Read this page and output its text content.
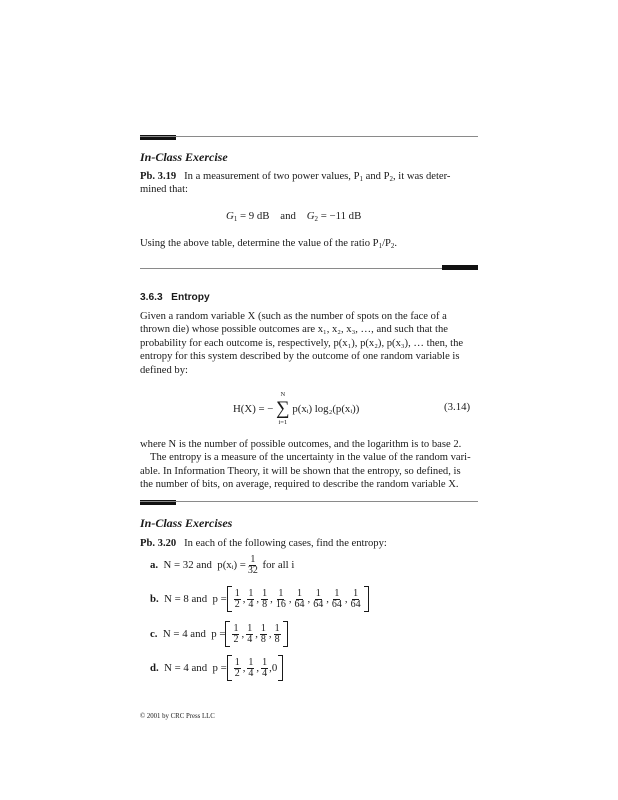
In-Class Exercise
Pb. 3.19 In a measurement of two power values, $P_1$ and $P_2$, it was deter-
mined that:
$G_1 = 9$ dB and $G_2 = -11$ dB
Using the above table, determine the value of the ratio $P_1/P_2$.
3.6.3 Entropy
Given a random variable X (such as the number of spots on the face of a
thrown die) whose possible outcomes are x₁, x₂, x₃, …, and such that the
probability for each outcome is, respectively, p(x₁), p(x₂), p(x₃), … then, the
entropy for this system described by the outcome of one random variable is
defined by:
H(X) = −
N
∑
i=1
p(xᵢ) log₂(p(xᵢ))	(3.14)
where N is the number of possible outcomes, and the logarithm is to base 2.
The entropy is a measure of the uncertainty in the value of the random vari-
able. In Information Theory, it will be shown that the entropy, so defined, is
the number of bits, on average, required to describe the random variable X.
In-Class Exercises
Pb. 3.20 In each of the following cases, find the entropy:
a.
N = 32 and
p(xᵢ) = $\frac{1}{32}$
for all i
b.
N = 8 and
$p = \frac{1}{2}$ , $\frac{1}{4}$ , $\frac{1}{8}$ , $\frac{1}{16}$ , $\frac{1}{64}$ , $\frac{1}{64}$ , $\frac{1}{64}$ , $\frac{1}{64}$
c.
N = 4 and
$p = \frac{1}{2}$ , $\frac{1}{4}$ , $\frac{1}{8}$ , $\frac{1}{8}$
d.
N = 4 and
$p = \frac{1}{2}$ , $\frac{1}{4}$ , $\frac{1}{4}$ , 0
© 2001 by CRC Press LLC
